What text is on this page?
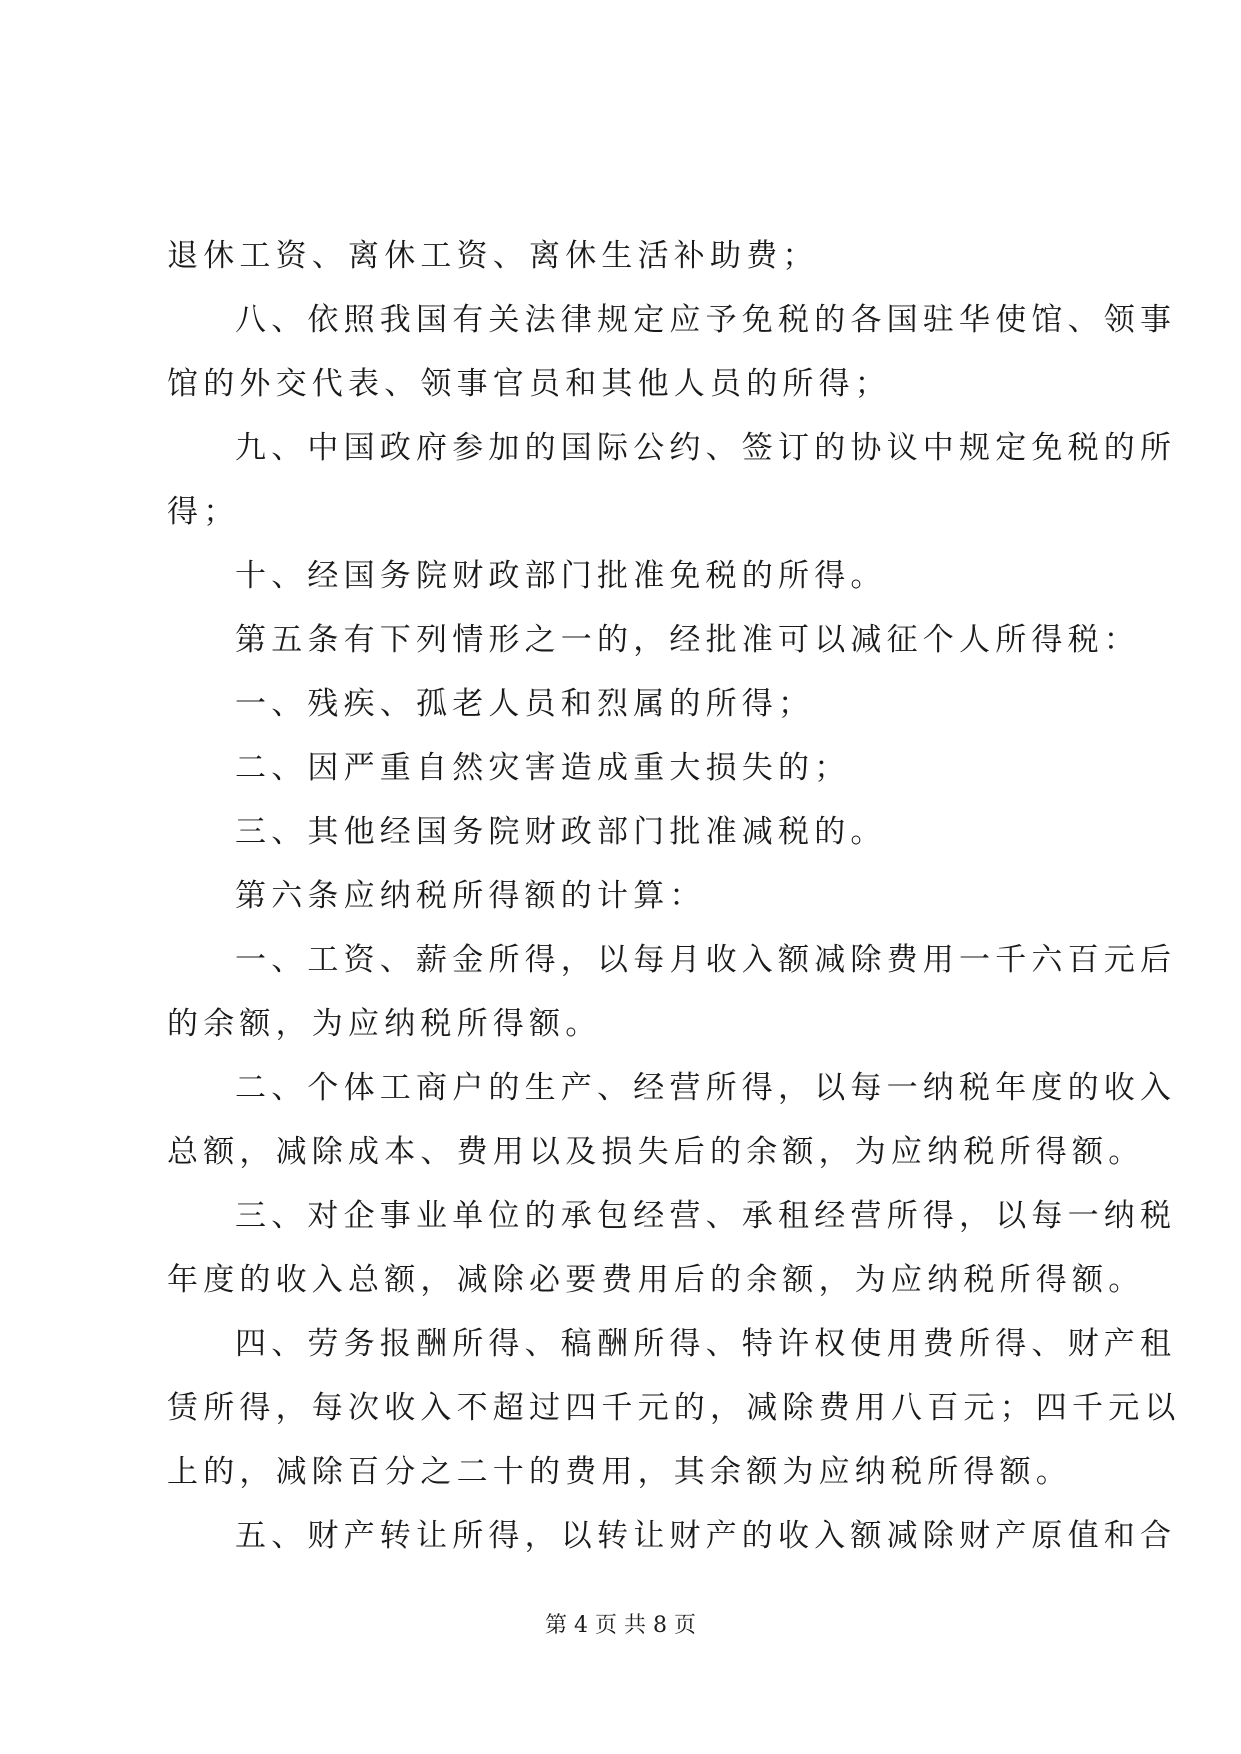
退休工资、离休工资、离休生活补助费；
八、依照我国有关法律规定应予免税的各国驻华使馆、领事
馆的外交代表、领事官员和其他人员的所得；
九、中国政府参加的国际公约、签订的协议中规定免税的所
得；
十、经国务院财政部门批准免税的所得。
第五条有下列情形之一的，经批准可以减征个人所得税：
一、残疾、孤老人员和烈属的所得；
二、因严重自然灾害造成重大损失的；
三、其他经国务院财政部门批准减税的。
第六条应纳税所得额的计算：
一、工资、薪金所得，以每月收入额减除费用一千六百元后
的余额，为应纳税所得额。
二、个体工商户的生产、经营所得，以每一纳税年度的收入
总额，减除成本、费用以及损失后的余额，为应纳税所得额。
三、对企事业单位的承包经营、承租经营所得，以每一纳税
年度的收入总额，减除必要费用后的余额，为应纳税所得额。
四、劳务报酬所得、稿酬所得、特许权使用费所得、财产租
赁所得，每次收入不超过四千元的，减除费用八百元；四千元以
上的，减除百分之二十的费用，其余额为应纳税所得额。
五、财产转让所得，以转让财产的收入额减除财产原值和合
第 4 页 共 8 页
